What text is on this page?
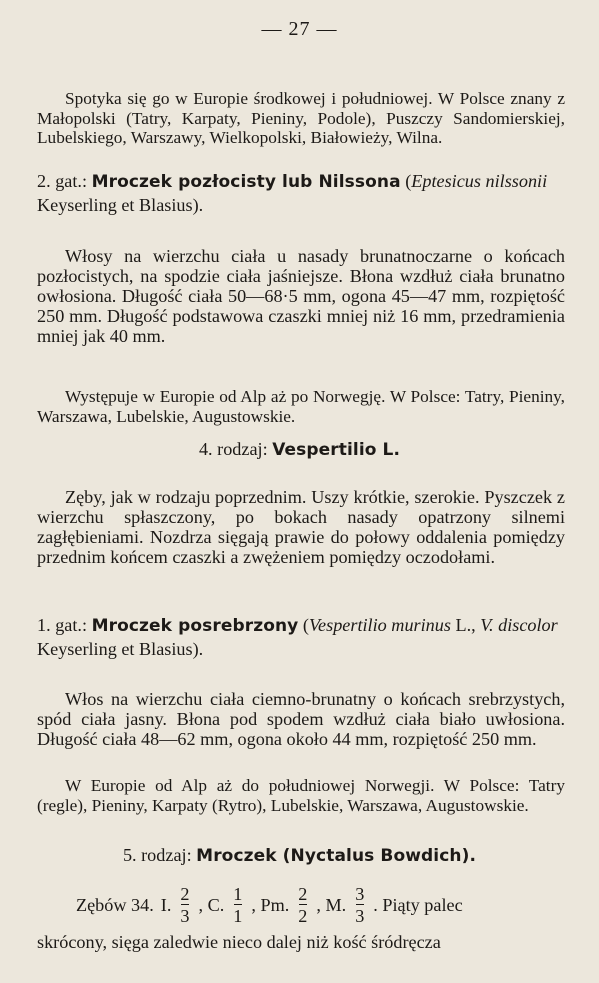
— 27 —

Spotyka się go w Europie środkowej i południowej. W Polsce znany z Małopolski (Tatry, Karpaty, Pieniny, Podole), Puszczy Sandomierskiej, Lubelskiego, Warszawy, Wielkopolski, Białowieży, Wilna.

2. gat.: Mroczek pozłocisty lub Nilssona (Eptesicus nilssonii Keyserling et Blasius).

Włosy na wierzchu ciała u nasady brunatnoczarne o końcach pozłocistych, na spodzie ciała jaśniejsze. Błona wzdłuż ciała brunatno owłosiona. Długość ciała 50—68·5 mm, ogona 45—47 mm, rozpiętość 250 mm. Długość podstawowa czaszki mniej niż 16 mm, przedramienia mniej jak 40 mm.

Występuje w Europie od Alp aż po Norwegję. W Polsce: Tatry, Pieniny, Warszawa, Lubelskie, Augustowskie.

4. rodzaj: Vespertilio L.

Zęby, jak w rodzaju poprzednim. Uszy krótkie, szerokie. Pyszczek z wierzchu spłaszczony, po bokach nasady opatrzony silnemi zagłębieniami. Nozdrza sięgają prawie do połowy oddalenia pomiędzy przednim końcem czaszki a zwężeniem pomiędzy oczodołami.

1. gat.: Mroczek posrebrzony (Vespertilio murinus L., V. discolor Keyserling et Blasius).

Włos na wierzchu ciała ciemno-brunatny o końcach srebrzystych, spód ciała jasny. Błona pod spodem wzdłuż ciała biało uwłosiona. Długość ciała 48—62 mm, ogona około 44 mm, rozpiętość 250 mm.

W Europie od Alp aż do południowej Norwegji. W Polsce: Tatry (regle), Pieniny, Karpaty (Rytro), Lubelskie, Warszawa, Augustowskie.

5. rodzaj: Mroczek (Nyctalus Bowdich).
Zębów 34. I. $\frac{2}{3}$ , C. $\frac{1}{1}$ , Pm. $\frac{2}{2}$ , M. $\frac{3}{3}$ . Piąty palec
skrócony, sięga zaledwie nieco dalej niż kość śródręcza
